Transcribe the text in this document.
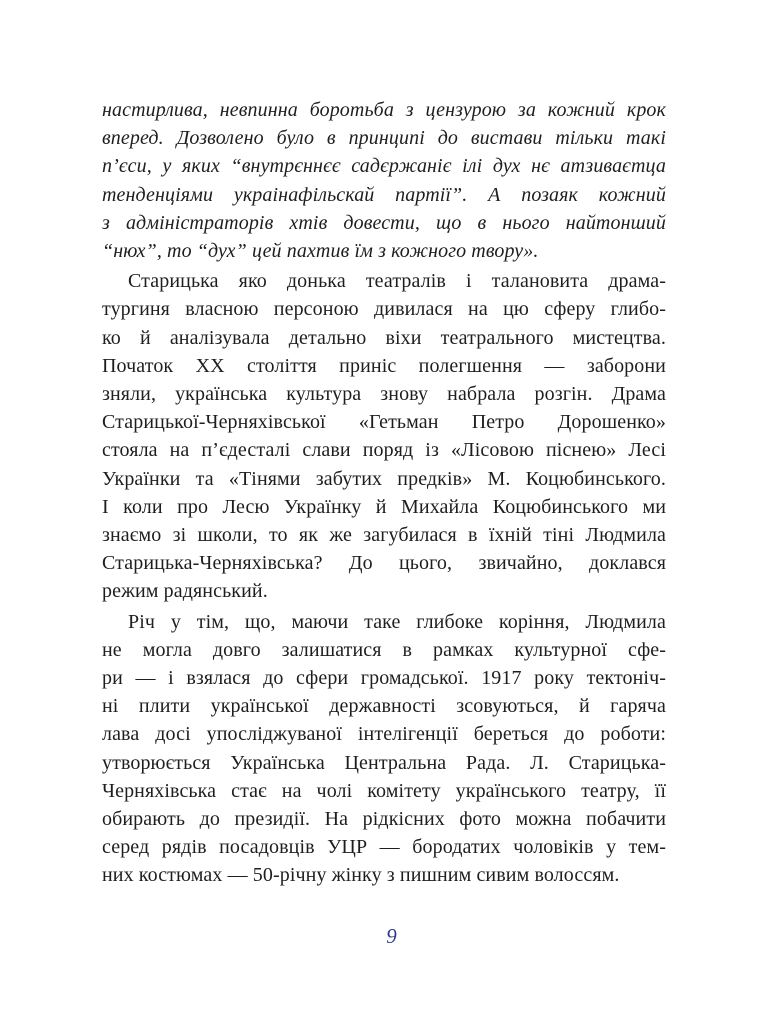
настирлива, невпинна боротьба з цензурою за кожний крок
вперед. Дозволено було в принципі до вистави тільки такі
п’єси, у яких “внутрєннєє садєржаніє ілі дух нє атзиваєтца
тенденціями украінафільскай партії”. А позаяк кожний
з адміністраторів хтів довести, що в нього найтонший
“нюх”, то “дух” цей пахтив їм з кожного твору».
Старицька яко донька театралів і талановита драма-
тургиня власною персоною дивилася на цю сферу глибо-
ко й аналізувала детально віхи театрального мистецтва.
Початок XX століття приніс полегшення — заборони
зняли, українська культура знову набрала розгін. Драма
Старицької-Черняхівської «Гетьман Петро Дорошенко»
стояла на п’єдесталі слави поряд із «Лісовою піснею» Лесі
Українки та «Тінями забутих предків» М. Коцюбинського.
І коли про Лесю Українку й Михайла Коцюбинського ми
знаємо зі школи, то як же загубилася в їхній тіні Людмила
Старицька-Черняхівська? До цього, звичайно, доклався
режим радянський.
Річ у тім, що, маючи таке глибоке коріння, Людмила
не могла довго залишатися в рамках культурної сфе-
ри — і взялася до сфери громадської. 1917 року тектоніч-
ні плити української державності зсовуються, й гаряча
лава досі упосліджуваної інтелігенції береться до роботи:
утворюється Українська Центральна Рада. Л. Старицька-
Черняхівська стає на чолі комітету українського театру, її
обирають до президії. На рідкісних фото можна побачити
серед рядів посадовців УЦР — бородатих чоловіків у тем-
них костюмах — 50-річну жінку з пишним сивим волоссям.
9
